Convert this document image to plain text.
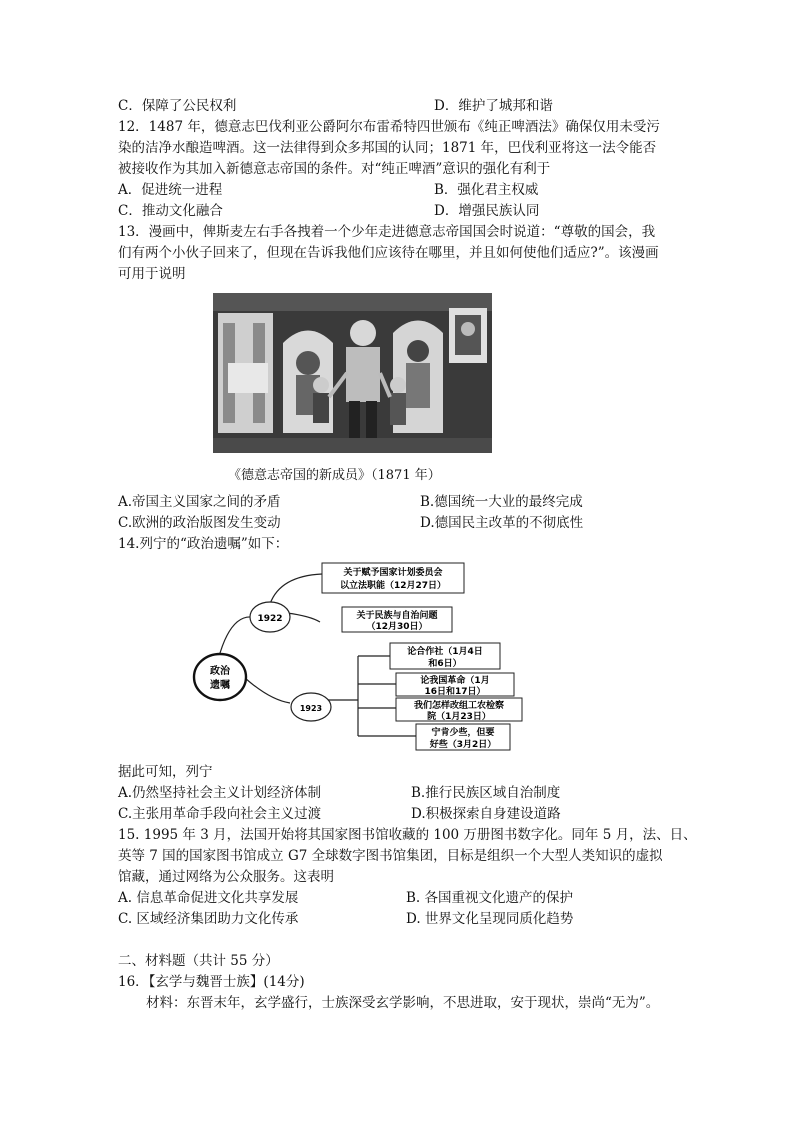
C．保障了公民权利	D．维护了城邦和谐
12．1487 年，德意志巴伐利亚公爵阿尔布雷希特四世颁布《纯正啤酒法》确保仅用未受污
染的洁净水酿造啤酒。这一法律得到众多邦国的认同；1871 年，巴伐利亚将这一法令能否
被接收作为其加入新德意志帝国的条件。对“纯正啤酒”意识的强化有利于
A．促进统一进程	B．强化君主权威
C．推动文化融合	D．增强民族认同
13．漫画中，俾斯麦左右手各拽着一个少年走进德意志帝国国会时说道：“尊敬的国会，我
们有两个小伙子回来了，但现在告诉我他们应该待在哪里，并且如何使他们适应?”。该漫画
可用于说明
《德意志帝国的新成员》（1871 年）
A.帝国主义国家之间的矛盾	B.德国统一大业的最终完成
C.欧洲的政治版图发生变动	D.德国民主改革的不彻底性
14.列宁的“政治遗嘱”如下：
政治
遗嘱
1922
1923
关于赋予国家计划委员会
以立法职能（12月27日）
关于民族与自治问题
（12月30日）
论合作社（1月4日
和6日）
论我国革命（1月
16日和17日）
我们怎样改组工农检察
院（1月23日）
宁肯少些，但要
好些（3月2日）
据此可知，列宁
A.仍然坚持社会主义计划经济体制	B.推行民族区域自治制度
C.主张用革命手段向社会主义过渡	D.积极探索自身建设道路
15. 1995 年 3 月，法国开始将其国家图书馆收藏的 100 万册图书数字化。同年 5 月，法、日、
英等 7 国的国家图书馆成立 G7 全球数字图书馆集团，目标是组织一个大型人类知识的虚拟
馆藏，通过网络为公众服务。这表明
A. 信息革命促进文化共享发展	B. 各国重视文化遗产的保护
C. 区域经济集团助力文化传承	D. 世界文化呈现同质化趋势
二、材料题（共计 55 分）
16．【玄学与魏晋士族】(14分)
材料：东晋末年，玄学盛行，士族深受玄学影响，不思进取，安于现状，崇尚“无为”。
